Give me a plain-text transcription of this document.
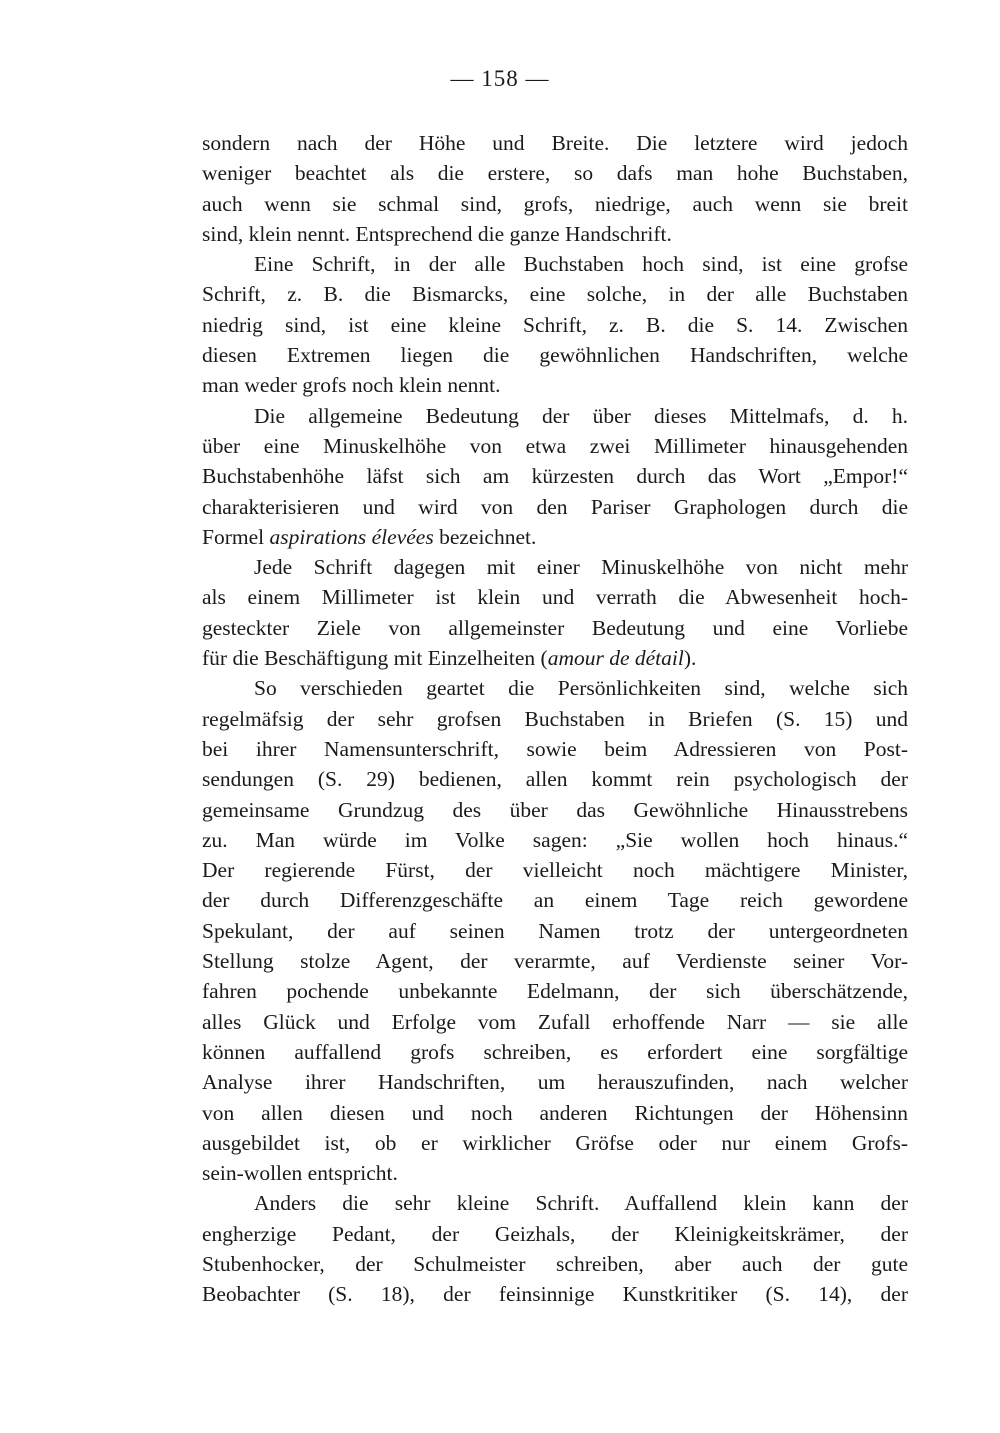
— 158 —
sondern nach der Höhe und Breite. Die letztere wird jedoch
weniger beachtet als die erstere, so dafs man hohe Buchstaben,
auch wenn sie schmal sind, grofs, niedrige, auch wenn sie breit
sind, klein nennt. Entsprechend die ganze Handschrift.
Eine Schrift, in der alle Buchstaben hoch sind, ist eine grofse
Schrift, z. B. die Bismarcks, eine solche, in der alle Buchstaben
niedrig sind, ist eine kleine Schrift, z. B. die S. 14. Zwischen
diesen Extremen liegen die gewöhnlichen Handschriften, welche
man weder grofs noch klein nennt.
Die allgemeine Bedeutung der über dieses Mittelmafs, d. h.
über eine Minuskelhöhe von etwa zwei Millimeter hinausgehenden
Buchstabenhöhe läfst sich am kürzesten durch das Wort „Empor!“
charakterisieren und wird von den Pariser Graphologen durch die
Formel aspirations élevées bezeichnet.
Jede Schrift dagegen mit einer Minuskelhöhe von nicht mehr
als einem Millimeter ist klein und verrath die Abwesenheit hoch-
gesteckter Ziele von allgemeinster Bedeutung und eine Vorliebe
für die Beschäftigung mit Einzelheiten (amour de détail).
So verschieden geartet die Persönlichkeiten sind, welche sich
regelmäfsig der sehr grofsen Buchstaben in Briefen (S. 15) und
bei ihrer Namensunterschrift, sowie beim Adressieren von Post-
sendungen (S. 29) bedienen, allen kommt rein psychologisch der
gemeinsame Grundzug des über das Gewöhnliche Hinausstrebens
zu. Man würde im Volke sagen: „Sie wollen hoch hinaus.“
Der regierende Fürst, der vielleicht noch mächtigere Minister,
der durch Differenzgeschäfte an einem Tage reich gewordene
Spekulant, der auf seinen Namen trotz der untergeordneten
Stellung stolze Agent, der verarmte, auf Verdienste seiner Vor-
fahren pochende unbekannte Edelmann, der sich überschätzende,
alles Glück und Erfolge vom Zufall erhoffende Narr — sie alle
können auffallend grofs schreiben, es erfordert eine sorgfältige
Analyse ihrer Handschriften, um herauszufinden, nach welcher
von allen diesen und noch anderen Richtungen der Höhensinn
ausgebildet ist, ob er wirklicher Gröfse oder nur einem Grofs-
sein-wollen entspricht.
Anders die sehr kleine Schrift. Auffallend klein kann der
engherzige Pedant, der Geizhals, der Kleinigkeitskrämer, der
Stubenhocker, der Schulmeister schreiben, aber auch der gute
Beobachter (S. 18), der feinsinnige Kunstkritiker (S. 14), der
